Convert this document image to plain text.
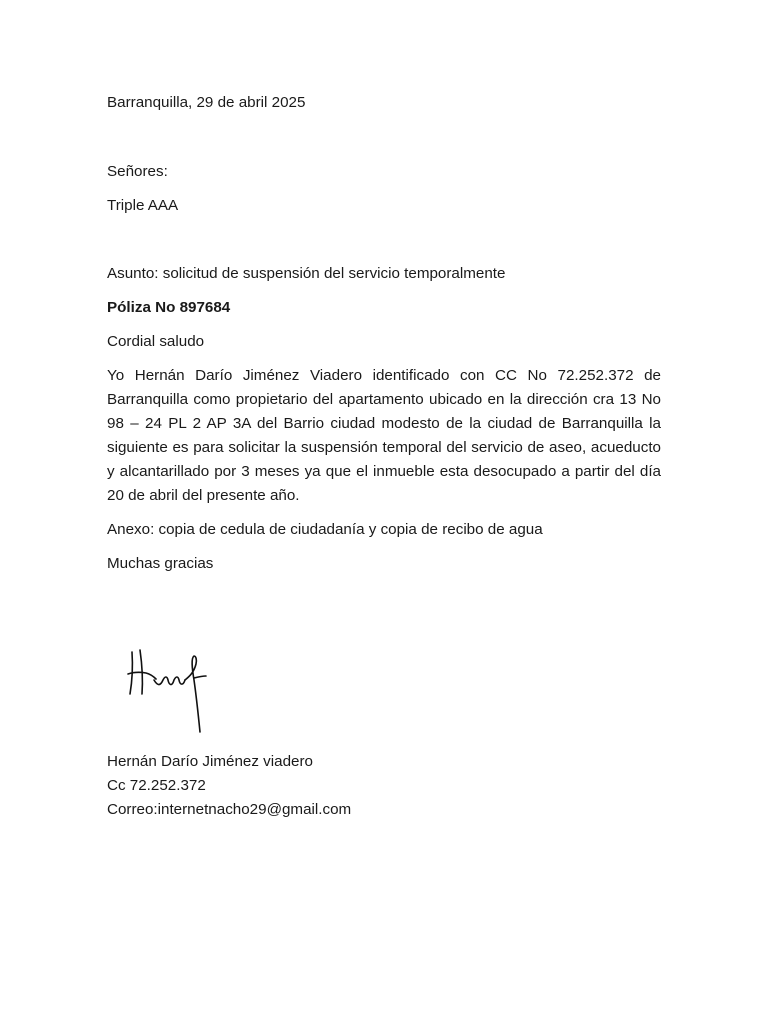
Barranquilla, 29 de abril 2025
Señores:
Triple AAA
Asunto: solicitud de suspensión del servicio temporalmente
Póliza No 897684
Cordial saludo

Yo Hernán Darío Jiménez Viadero identificado con CC No 72.252.372 de Barranquilla como propietario del apartamento ubicado en la dirección cra 13 No 98 – 24 PL 2 AP 3A del Barrio ciudad modesto de la ciudad de Barranquilla la siguiente es para solicitar la suspensión temporal del servicio de aseo, acueducto y alcantarillado por 3 meses ya que el inmueble esta desocupado a partir del día 20 de abril del presente año.

Anexo: copia de cedula de ciudadanía y copia de recibo de agua
Muchas gracias
Hernán Darío Jiménez viadero
Cc 72.252.372
Correo:internetnacho29@gmail.com
